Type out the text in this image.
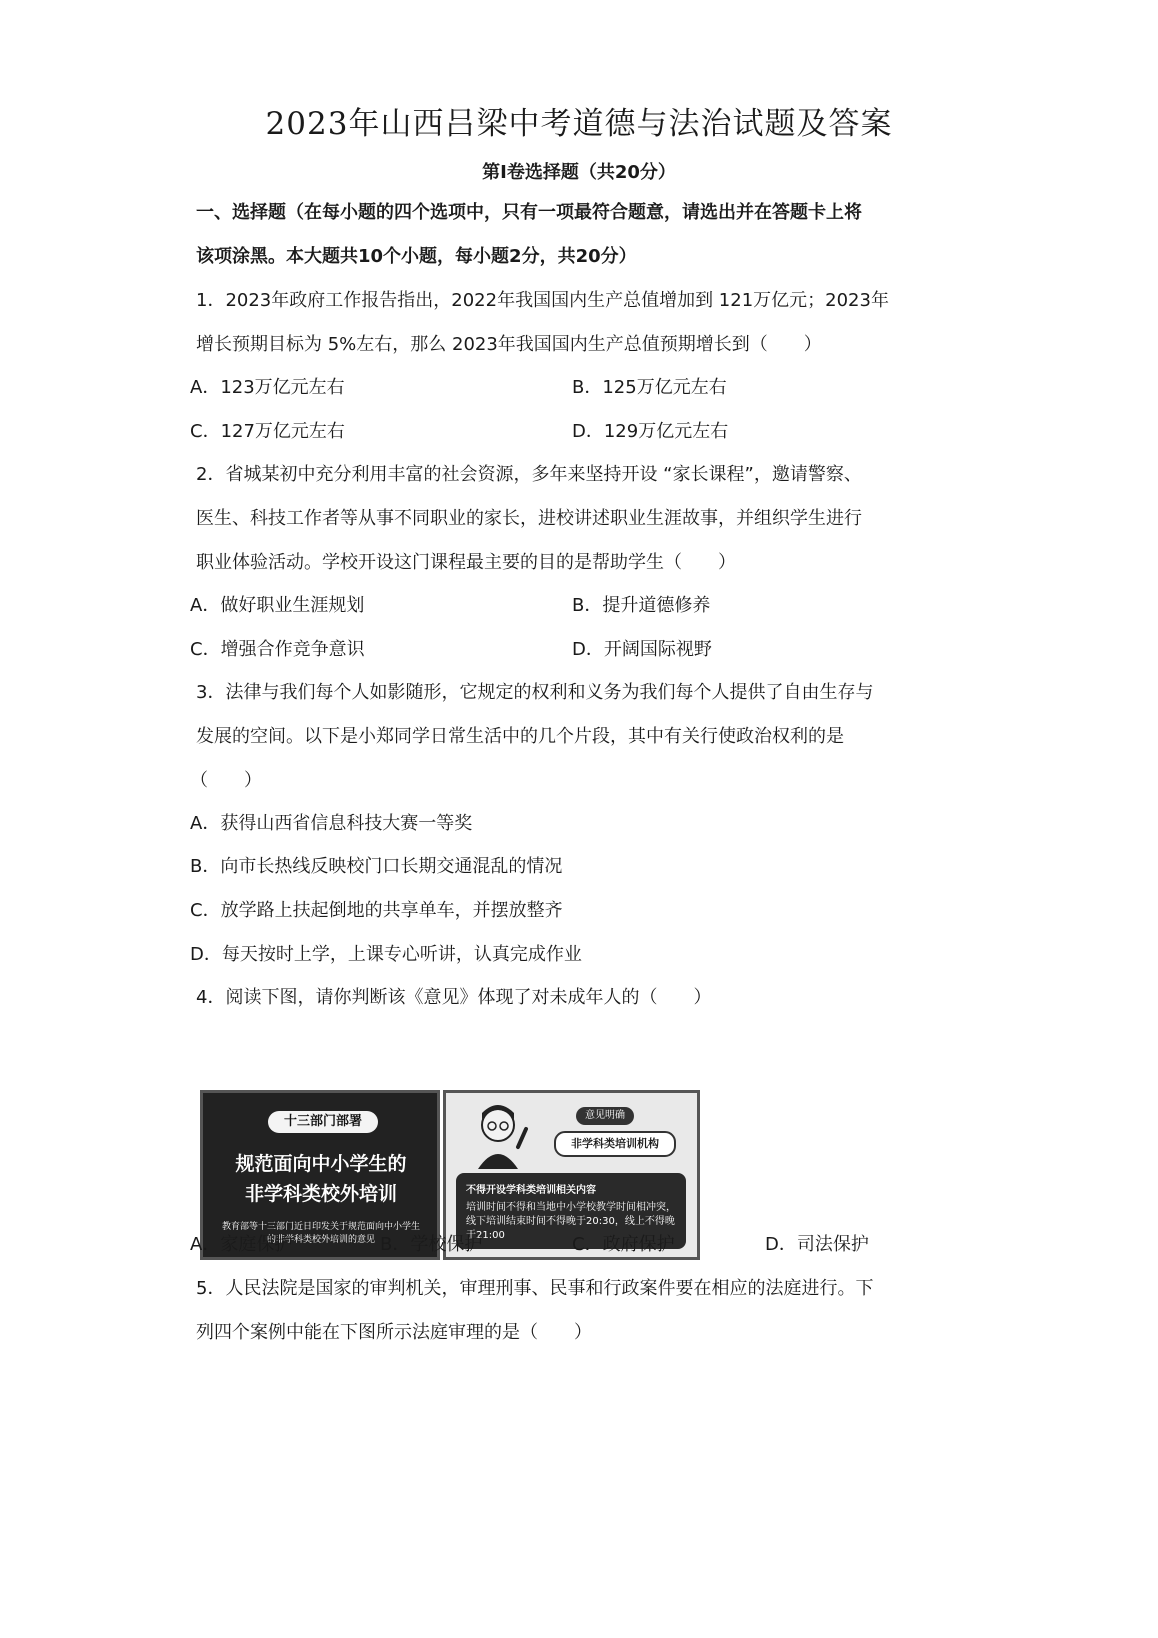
2023年山西吕梁中考道德与法治试题及答案
第Ⅰ卷选择题（共20分）
一、选择题（在每小题的四个选项中，只有一项最符合题意，请选出并在答题卡上将
该项涂黑。本大题共10个小题，每小题2分，共20分）
1．2023年政府工作报告指出，2022年我国国内生产总值增加到 121万亿元；2023年
增长预期目标为 5%左右，那么 2023年我国国内生产总值预期增长到（　　）
A．123万亿元左右	B．125万亿元左右
C．127万亿元左右	D．129万亿元左右
2．省城某初中充分利用丰富的社会资源，多年来坚持开设 “家长课程”，邀请警察、
医生、科技工作者等从事不同职业的家长，进校讲述职业生涯故事，并组织学生进行
职业体验活动。学校开设这门课程最主要的目的是帮助学生（　　）
A．做好职业生涯规划	B．提升道德修养
C．增强合作竞争意识	D．开阔国际视野
3．法律与我们每个人如影随形，它规定的权利和义务为我们每个人提供了自由生存与
发展的空间。以下是小郑同学日常生活中的几个片段，其中有关行使政治权利的是
（　　）
A．获得山西省信息科技大赛一等奖
B．向市长热线反映校门口长期交通混乱的情况
C．放学路上扶起倒地的共享单车，并摆放整齐
D．每天按时上学，上课专心听讲，认真完成作业
4．阅读下图，请你判断该《意见》体现了对未成年人的（　　）
十三部门部署
规范面向中小学生的
非学科类校外培训
教育部等十三部门近日印发关于规范面向中小学生的非学科类校外培训的意见
意见明确
非学科类培训机构
不得开设学科类培训相关内容
培训时间不得和当地中小学校教学时间相冲突，线下培训结束时间不得晚于20:30，线上不得晚于21:00
A．家庭保护	B．学校保护	C．政府保护	D．司法保护
5．人民法院是国家的审判机关，审理刑事、民事和行政案件要在相应的法庭进行。下
列四个案例中能在下图所示法庭审理的是（　　）
